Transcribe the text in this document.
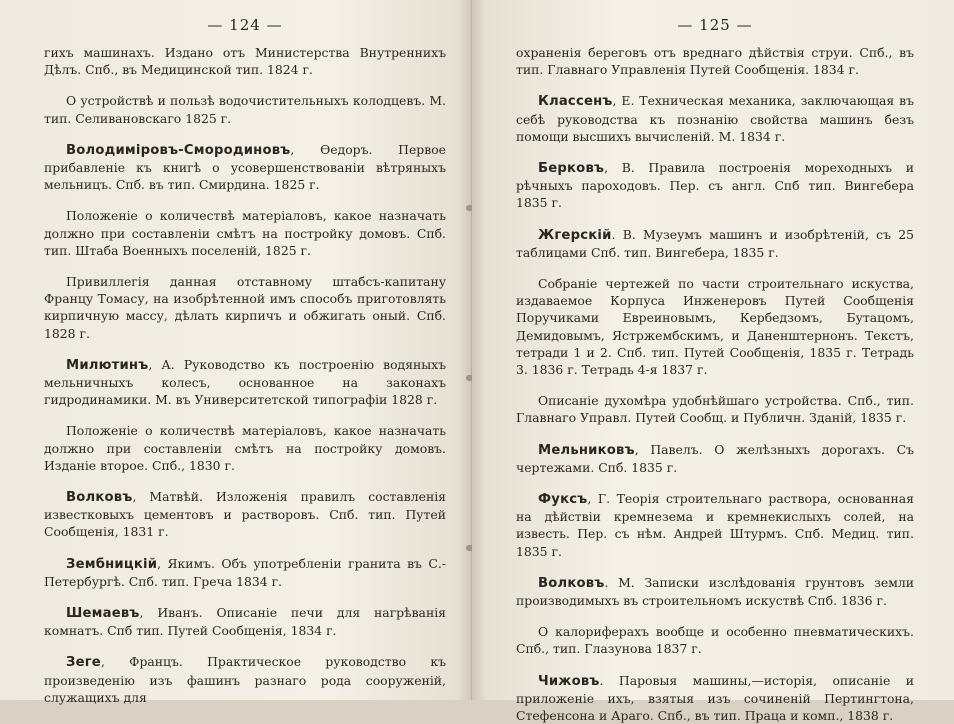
— 124 —

гихъ машинахъ. Издано отъ Министерства Внутреннихъ Дѣлъ. Спб., въ Медицинской тип. 1824 г.

О устройствѣ и пользѣ водочистительныхъ колодцевъ. М. тип. Селивановскаго 1825 г.

Володиміровъ-Смородиновъ, Ѳедоръ. Первое прибавленіе къ книгѣ о усовершенствованіи вѣтряныхъ мельницъ. Спб. въ тип. Смирдина. 1825 г.

Положеніе о количествѣ матеріаловъ, какое назначать должно при составленіи смѣтъ на постройку домовъ. Спб. тип. Штаба Военныхъ поселеній, 1825 г.

Привиллегія данная отставному штабсъ-капитану Францу Томасу, на изобрѣтенной имъ способъ приготовлять кирпичную массу, дѣлать кирпичъ и обжигать оный. Спб. 1828 г.

Милютинъ, А. Руководство къ построенію водяныхъ мельничныхъ колесъ, основанное на законахъ гидродинамики. М. въ Университетской типографіи 1828 г.

Положеніе о количествѣ матеріаловъ, какое назначать должно при составленіи смѣтъ на постройку домовъ. Изданіе второе. Спб., 1830 г.

Волковъ, Матвѣй. Изложенія правилъ составленія известковыхъ цементовъ и растворовъ. Спб. тип. Путей Сообщенія, 1831 г.

Зембницкій, Якимъ. Объ употребленіи гранита въ С.-Петербургѣ. Спб. тип. Греча 1834 г.

Шемаевъ, Иванъ. Описаніе печи для нагрѣванія комнатъ. Спб тип. Путей Сообщенія, 1834 г.

Зеге, Францъ. Практическое руководство къ произведенію изъ фашинъ разнаго рода сооруженій, служащихъ для

— 125 —

охраненія береговъ отъ вреднаго дѣйствія струи. Спб., въ тип. Главнаго Управленія Путей Сообщенія. 1834 г.

Классенъ, Е. Техническая механика, заключающая въ себѣ руководства къ познанію свойства машинъ безъ помощи высшихъ вычисленій. М. 1834 г.

Берковъ, В. Правила построенія мореходныхъ и рѣчныхъ пароходовъ. Пер. съ англ. Спб тип. Вингебера 1835 г.

Жгерскій. В. Музеумъ машинъ и изобрѣтеній, съ 25 таблицами Спб. тип. Вингебера, 1835 г.

Собраніе чертежей по части строительнаго искуства, издаваемое Корпуса Инженеровъ Путей Сообщенія Поручиками Евреиновымъ, Кербедзомъ, Бутацомъ, Демидовымъ, Ястржембскимъ, и Даненштернонъ. Текстъ, тетради 1 и 2. Спб. тип. Путей Сообщенія, 1835 г. Тетрадь 3. 1836 г. Тетрадь 4-я 1837 г.

Описаніе духомѣра удобнѣйшаго устройства. Спб., тип. Главнаго Управл. Путей Сообщ. и Публичн. Зданій, 1835 г.

Мельниковъ, Павелъ. О желѣзныхъ дорогахъ. Съ чертежами. Спб. 1835 г.

Фуксъ, Г. Теорія строительнаго раствора, основанная на дѣйствіи кремнезема и кремнекислыхъ солей, на известь. Пер. съ нѣм. Андрей Штурмъ. Спб. Медиц. тип. 1835 г.

Волковъ. М. Записки изслѣдованія грунтовъ земли производимыхъ въ строительномъ искуствѣ Спб. 1836 г.

О калориферахъ вообще и особенно пневматическихъ. Спб., тип. Глазунова 1837 г.

Чижовъ. Паровыя машины,—исторія, описаніе и приложеніе ихъ, взятыя изъ сочиненій Пертингтона, Стефенсона и Араго. Спб., въ тип. Праца и комп., 1838 г.
